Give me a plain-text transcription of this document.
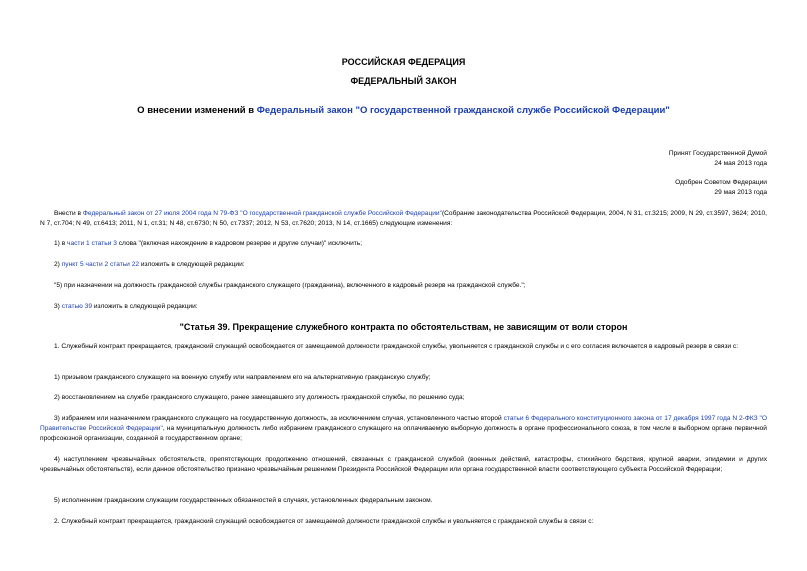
РОССИЙСКАЯ ФЕДЕРАЦИЯ
ФЕДЕРАЛЬНЫЙ ЗАКОН
О внесении изменений в Федеральный закон "О государственной гражданской службе Российской Федерации"
Принят Государственной Думой
24 мая 2013 года
Одобрен Советом Федерации
29 мая 2013 года
Внести в Федеральный закон от 27 июля 2004 года N 79-ФЗ "О государственной гражданской службе Российской Федерации"(Собрание законодательства Российской Федерации, 2004, N 31, ст.3215; 2009, N 29, ст.3597, 3624; 2010, N 7, ст.704; N 49, ст.6413; 2011, N 1, ст.31; N 48, ст.6730; N 50, ст.7337; 2012, N 53, ст.7620; 2013, N 14, ст.1665) следующие изменения:
1) в части 1 статьи 3 слова "(включая нахождение в кадровом резерве и другие случаи)" исключить;
2) пункт 5 части 2 статьи 22 изложить в следующей редакции:
"5) при назначении на должность гражданской службы гражданского служащего (гражданина), включенного в кадровый резерв на гражданской службе.";
3) статью 39 изложить в следующей редакции:
"Статья 39. Прекращение служебного контракта по обстоятельствам, не зависящим от воли сторон
1. Служебный контракт прекращается, гражданский служащий освобождается от замещаемой должности гражданской службы, увольняется с гражданской службы и с его согласия включается в кадровый резерв в связи с:
1) призывом гражданского служащего на военную службу или направлением его на альтернативную гражданскую службу;
2) восстановлением на службе гражданского служащего, ранее замещавшего эту должность гражданской службы, по решению суда;
3) избранием или назначением гражданского служащего на государственную должность, за исключением случая, установленного частью второй статьи 6 Федерального конституционного закона от 17 декабря 1997 года N 2-ФКЗ "О Правительстве Российской Федерации", на муниципальную должность либо избранием гражданского служащего на оплачиваемую выборную должность в органе профессионального союза, в том числе в выборном органе первичной профсоюзной организации, созданной в государственном органе;
4) наступлением чрезвычайных обстоятельств, препятствующих продолжению отношений, связанных с гражданской службой (военных действий, катастрофы, стихийного бедствия, крупной аварии, эпидемии и других чрезвычайных обстоятельств), если данное обстоятельство признано чрезвычайным решением Президента Российской Федерации или органа государственной власти соответствующего субъекта Российской Федерации;
5) исполнением гражданским служащим государственных обязанностей в случаях, установленных федеральным законом.
2. Служебный контракт прекращается, гражданский служащий освобождается от замещаемой должности гражданской службы и увольняется с гражданской службы в связи с:
